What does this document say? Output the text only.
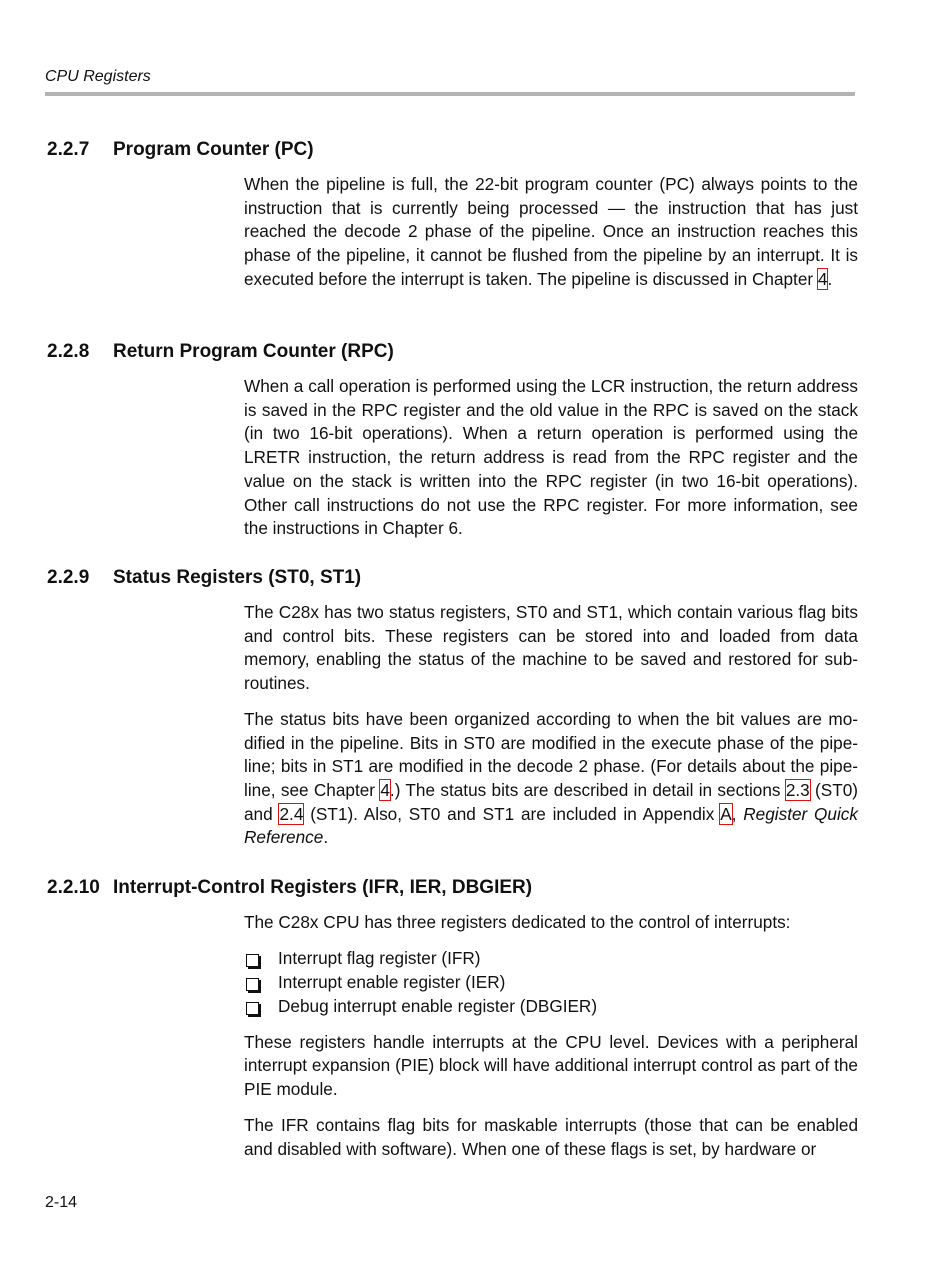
CPU Registers
2.2.7 Program Counter (PC)

When the pipeline is full, the 22-bit program counter (PC) always points to the instruction that is currently being processed — the instruction that has just reached the decode 2 phase of the pipeline. Once an instruction reaches this phase of the pipeline, it cannot be flushed from the pipeline by an interrupt. It is executed before the interrupt is taken. The pipeline is discussed in Chapter 4.

2.2.8 Return Program Counter (RPC)

When a call operation is performed using the LCR instruction, the return address is saved in the RPC register and the old value in the RPC is saved on the stack (in two 16-bit operations). When a return operation is performed using the LRETR instruction, the return address is read from the RPC register and the value on the stack is written into the RPC register (in two 16-bit operations). Other call instructions do not use the RPC register. For more information, see the instructions in Chapter 6.

2.2.9 Status Registers (ST0, ST1)

The C28x has two status registers, ST0 and ST1, which contain various flag bits and control bits. These registers can be stored into and loaded from data memory, enabling the status of the machine to be saved and restored for subroutines.

The status bits have been organized according to when the bit values are modified in the pipeline. Bits in ST0 are modified in the execute phase of the pipeline; bits in ST1 are modified in the decode 2 phase. (For details about the pipeline, see Chapter 4.) The status bits are described in detail in sections 2.3 (ST0) and 2.4 (ST1). Also, ST0 and ST1 are included in Appendix A, Register Quick Reference.

2.2.10 Interrupt-Control Registers (IFR, IER, DBGIER)

The C28x CPU has three registers dedicated to the control of interrupts:

Interrupt flag register (IFR)
Interrupt enable register (IER)
Debug interrupt enable register (DBGIER)

These registers handle interrupts at the CPU level. Devices with a peripheral interrupt expansion (PIE) block will have additional interrupt control as part of the PIE module.

The IFR contains flag bits for maskable interrupts (those that can be enabled and disabled with software). When one of these flags is set, by hardware or

2-14
